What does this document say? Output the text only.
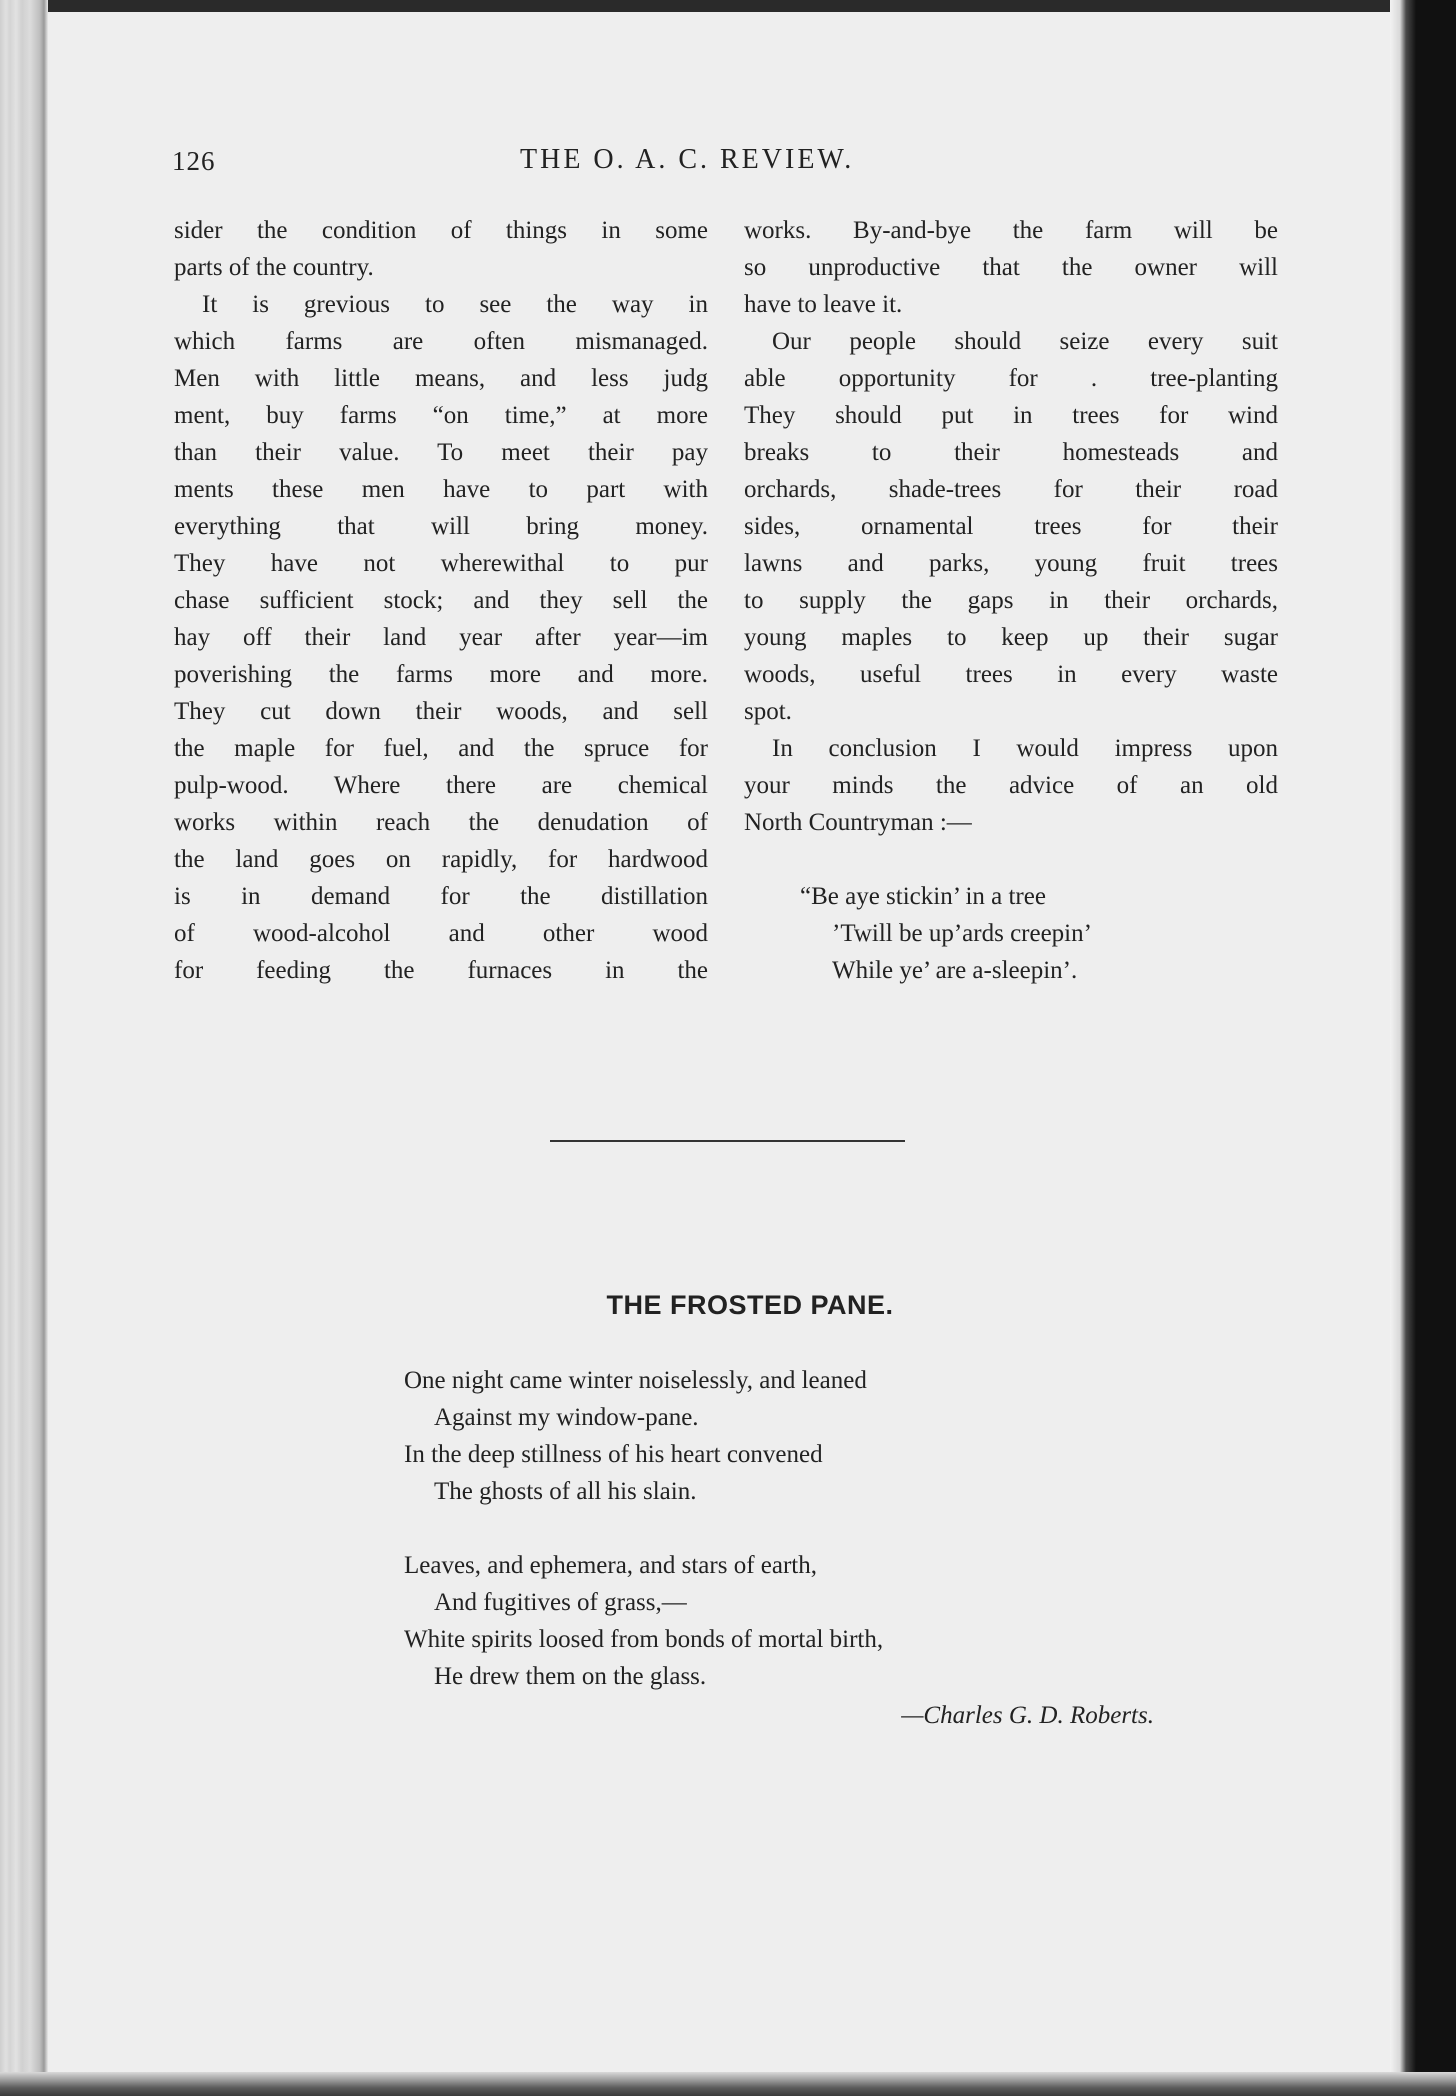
126	THE O. A. C. REVIEW.
sider the condition of things in some
parts of the country.
It is grevious to see the way in
which farms are often mismanaged.
Men with little means, and less judg
ment, buy farms “on time,” at more
than their value. To meet their pay
ments these men have to part with
everything that will bring money.
They have not wherewithal to pur
chase sufficient stock; and they sell the
hay off their land year after year—im
poverishing the farms more and more.
They cut down their woods, and sell
the maple for fuel, and the spruce for
pulp-wood. Where there are chemical
works within reach the denudation of
the land goes on rapidly, for hardwood
is in demand for the distillation
of wood-alcohol and other wood
for feeding the furnaces in the
works. By-and-bye the farm will be
so unproductive that the owner will
have to leave it.
Our people should seize every suit
able opportunity for . tree-planting
They should put in trees for wind
breaks to their homesteads and
orchards, shade-trees for their road
sides, ornamental trees for their
lawns and parks, young fruit trees
to supply the gaps in their orchards,
young maples to keep up their sugar
woods, useful trees in every waste
spot.
In conclusion I would impress upon
your minds the advice of an old
North Countryman :—
“Be aye stickin’ in a tree
’Twill be up’ards creepin’
While ye’ are a-sleepin’.
THE FROSTED PANE.
One night came winter noiselessly, and leaned
Against my window-pane.
In the deep stillness of his heart convened
The ghosts of all his slain.
Leaves, and ephemera, and stars of earth,
And fugitives of grass,—
White spirits loosed from bonds of mortal birth,
He drew them on the glass.
—Charles G. D. Roberts.
